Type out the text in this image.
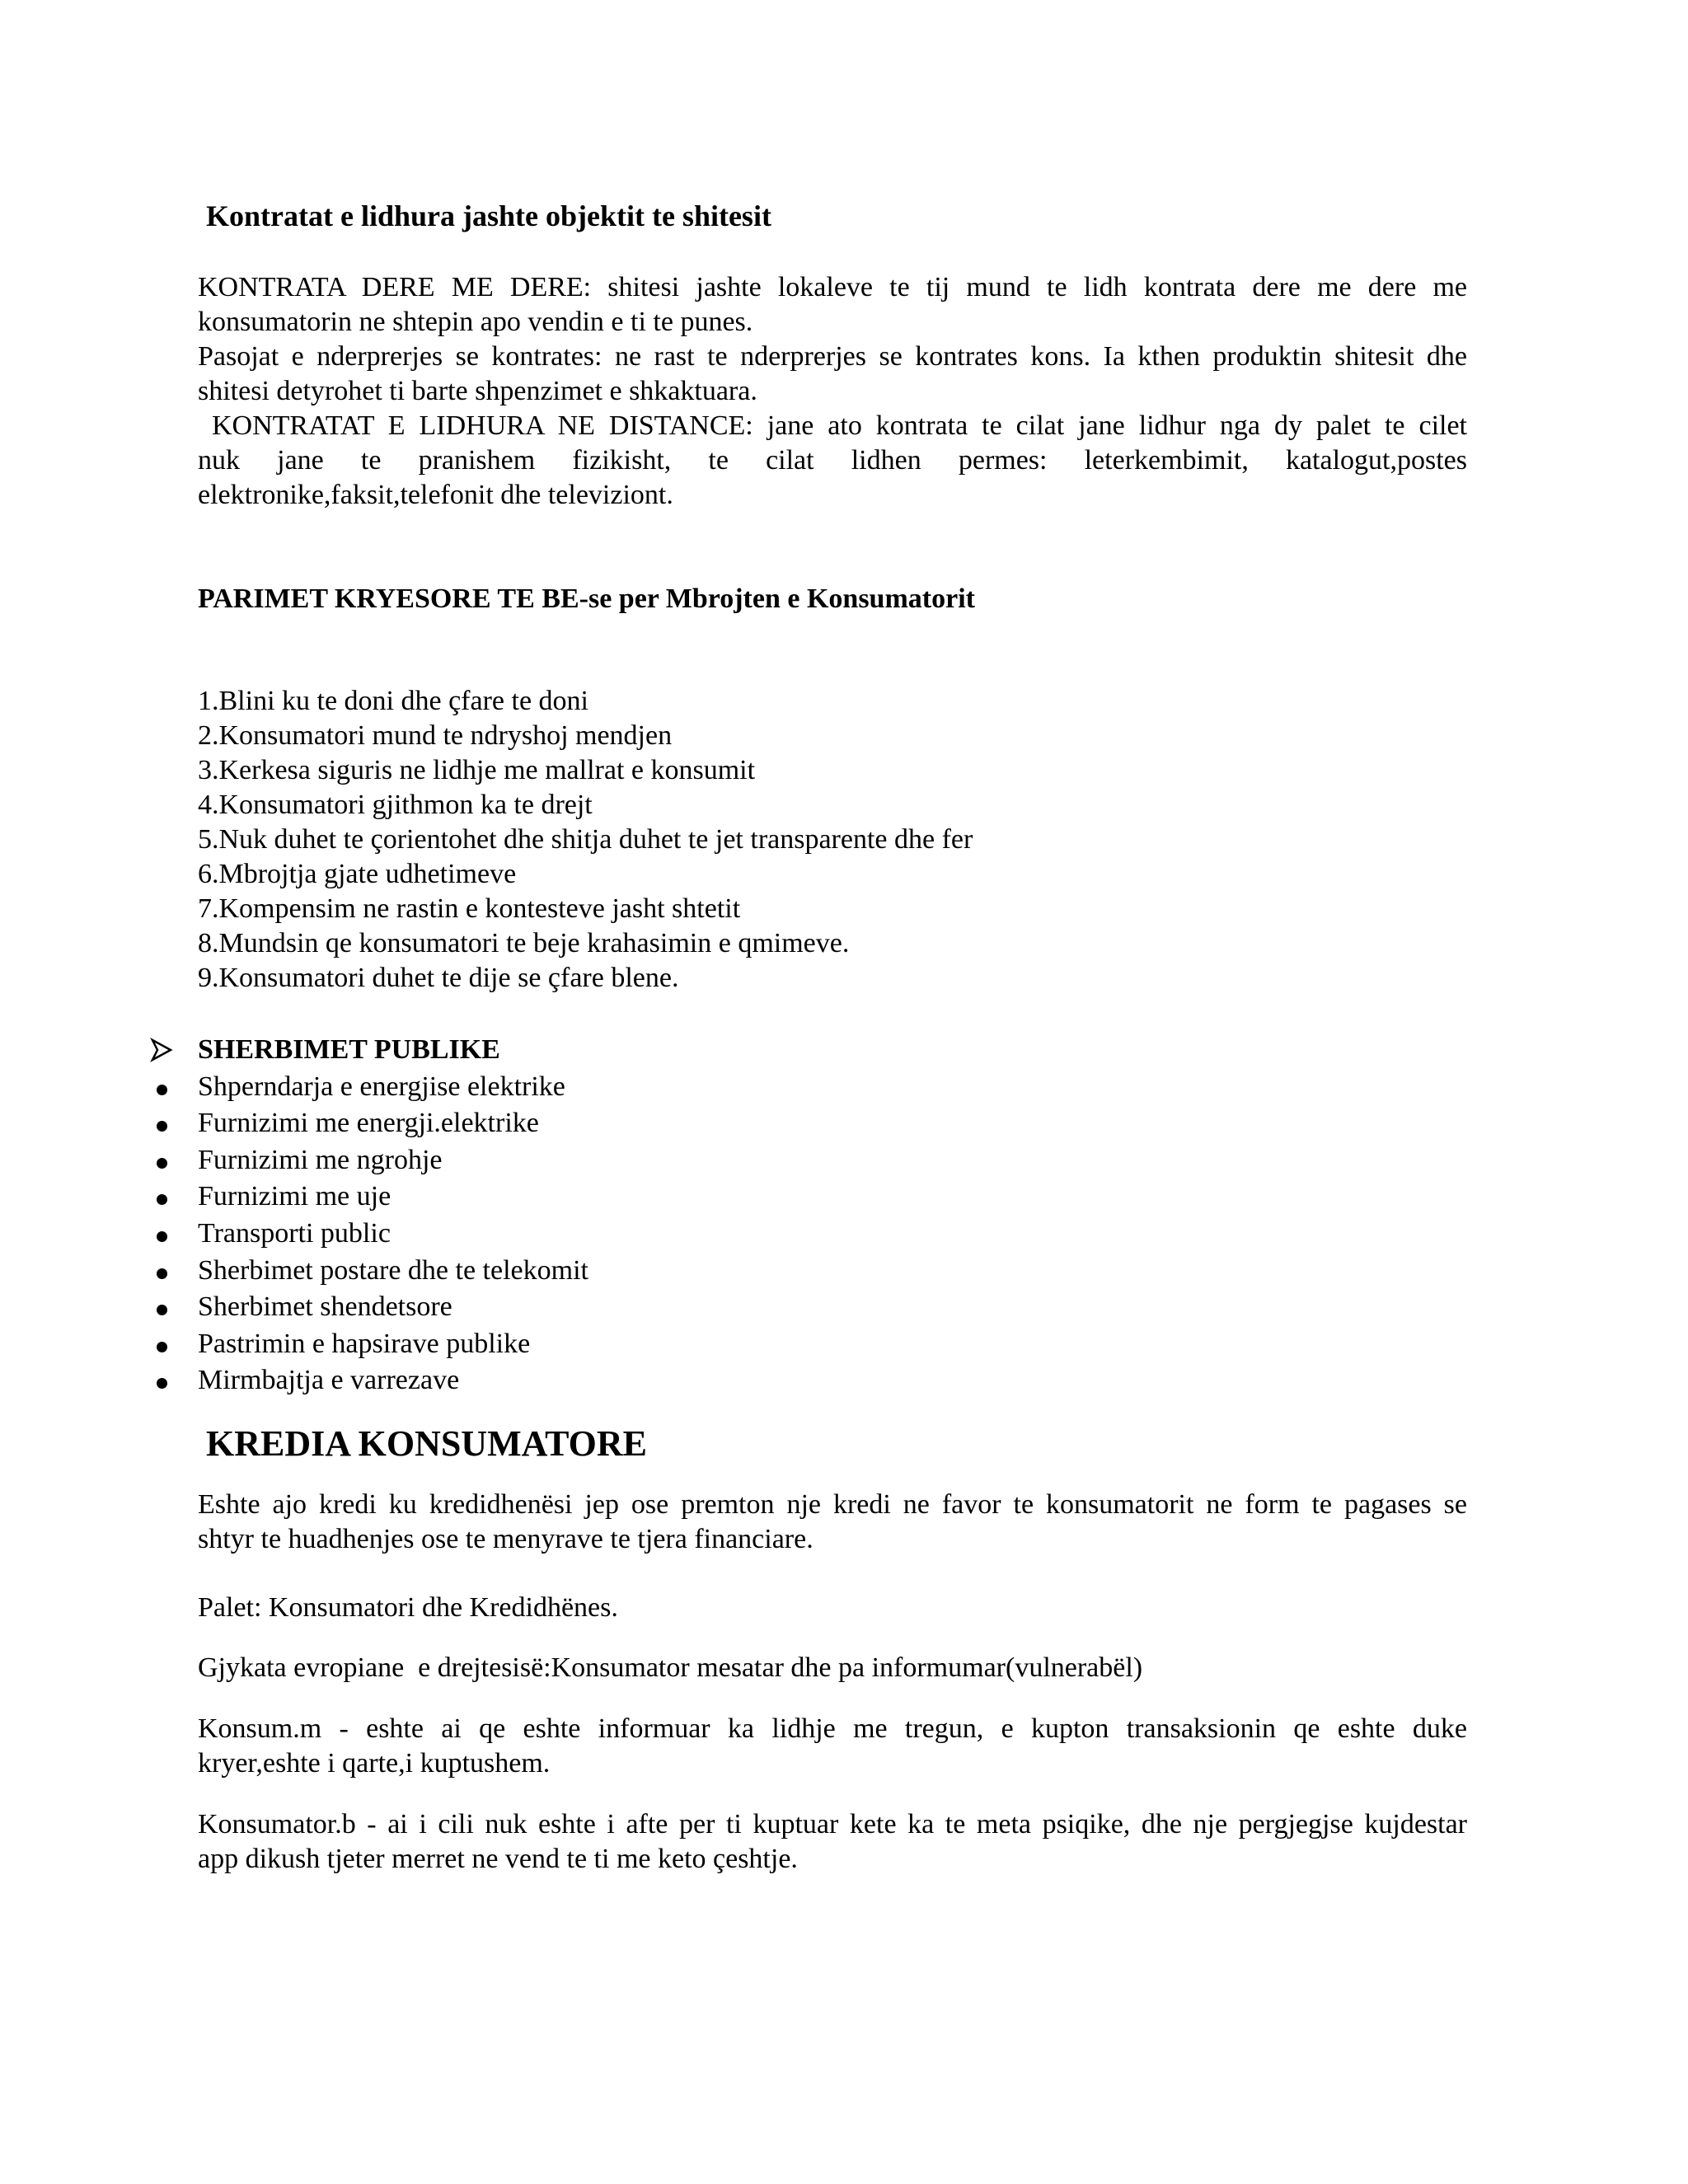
Kontratat e lidhura jashte objektit te shitesit

KONTRATA DERE ME DERE: shitesi jashte lokaleve te tij mund te lidh kontrata dere me dere me

konsumatorin ne shtepin apo vendin e ti te punes.

Pasojat e nderprerjes se kontrates: ne rast te nderprerjes se kontrates kons. Ia kthen produktin shitesit dhe

shitesi detyrohet ti barte shpenzimet e shkaktuara.

KONTRATAT E LIDHURA NE DISTANCE: jane ato kontrata te cilat jane lidhur nga dy palet te cilet

nuk jane te pranishem fizikisht, te cilat lidhen permes: leterkembimit, katalogut,postes

elektronike,faksit,telefonit dhe televiziont.

PARIMET KRYESORE TE BE-se per Mbrojten e Konsumatorit
1.Blini ku te doni dhe çfare te doni
2.Konsumatori mund te ndryshoj mendjen
3.Kerkesa siguris ne lidhje me mallrat e konsumit
4.Konsumatori gjithmon ka te drejt
5.Nuk duhet te çorientohet dhe shitja duhet te jet transparente dhe fer
6.Mbrojtja gjate udhetimeve
7.Kompensim ne rastin e kontesteve jasht shtetit
8.Mundsin qe konsumatori te beje krahasimin e qmimeve.
9.Konsumatori duhet te dije se çfare blene.
SHERBIMET PUBLIKE
Shperndarja e energjise elektrike
Furnizimi me energji.elektrike
Furnizimi me ngrohje
Furnizimi me uje
Transporti public
Sherbimet postare dhe te telekomit
Sherbimet shendetsore
Pastrimin e hapsirave publike
Mirmbajtja e varrezave
KREDIA KONSUMATORE

Eshte ajo kredi ku kredidhenësi jep ose premton nje kredi ne favor te konsumatorit ne form te pagases se

shtyr te huadhenjes ose te menyrave te tjera financiare.

Palet: Konsumatori dhe Kredidhënes.

Gjykata evropiane  e drejtesisë:Konsumator mesatar dhe pa informumar(vulnerabël)

Konsum.m - eshte ai qe eshte informuar ka lidhje me tregun, e kupton transaksionin qe eshte duke

kryer,eshte i qarte,i kuptushem.

Konsumator.b - ai i cili nuk eshte i afte per ti kuptuar kete ka te meta psiqike, dhe nje pergjegjse kujdestar

app dikush tjeter merret ne vend te ti me keto çeshtje.
